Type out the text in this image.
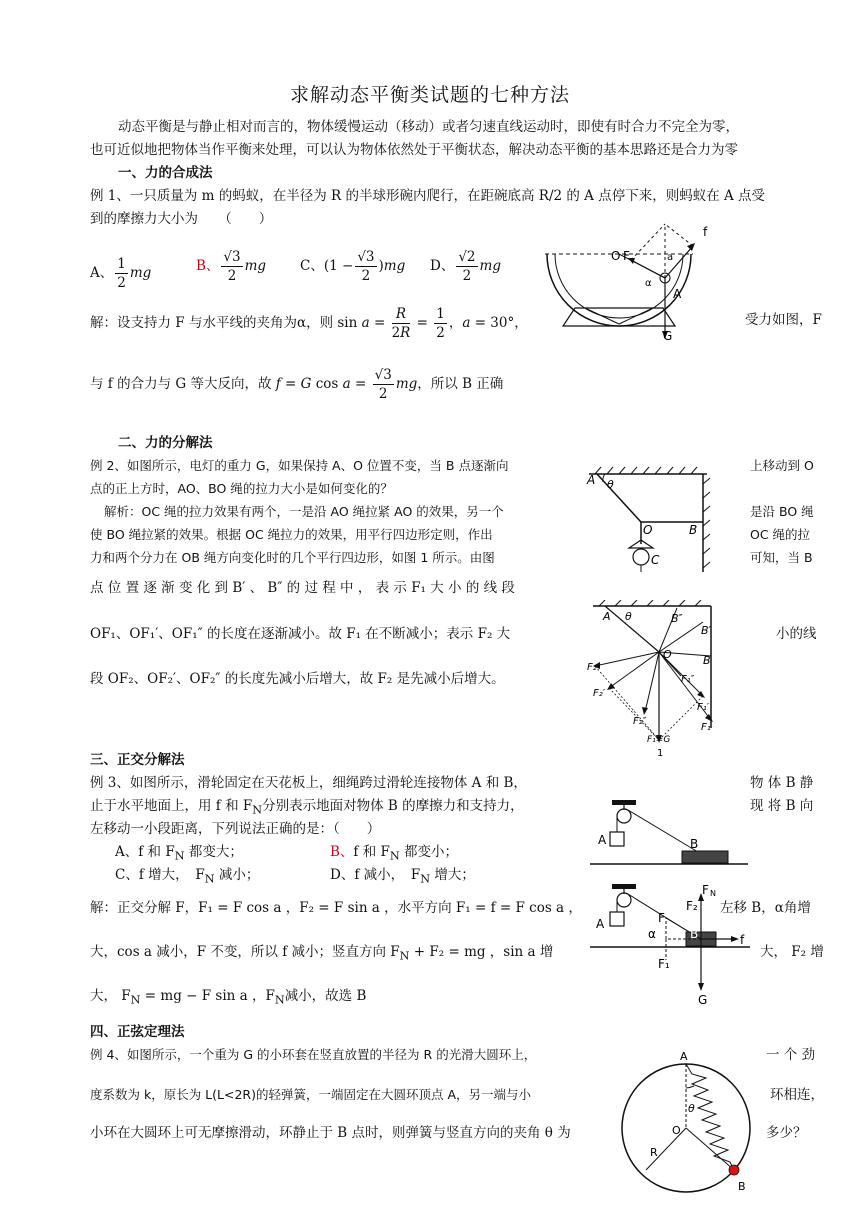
求解动态平衡类试题的七种方法
动态平衡是与静止相对而言的，物体缓慢运动（移动）或者匀速直线运动时，即使有时合力不完全为零，
也可近似地把物体当作平衡来处理，可以认为物体依然处于平衡状态，解决动态平衡的基本思路还是合力为零
一、力的合成法
例 1、一只质量为 m 的蚂蚁，在半径为 R 的半球形碗内爬行，在距碗底高 R/2 的 A 点停下来，则蚂蚁在 A 点受
到的摩擦力大小为　　（　　）
A、 $\frac{1}{2}$ mg	B、 $\frac{√3}{2}$ mg	C、$(1 - \frac{√3}{2} )mg$ D、 $\frac{√2}{2}$ mg
解：设支持力 F 与水平线的夹角为α，则 $\sin a = \frac{R}{2R} = \frac{1}{2}$ ，a = 30°，	受力如图，F
与 f 的合力与 G 等大反向，故 f = G $\cos a = \frac{√3}{2}$ mg，所以 B 正确
f
O F	a
α
A
G
二、力的分解法
例 2、如图所示，电灯的重力 G，如果保持 A、O 位置不变，当 B 点逐渐向	上移动到 O
点的正上方时，AO、BO 绳的拉力大小是如何变化的？
解析：OC 绳的拉力效果有两个，一是沿 AO 绳拉紧 AO 的效果，另一个	是沿 BO 绳
使 BO 绳拉紧的效果。根据 OC 绳拉力的效果，用平行四边形定则，作出	OC 绳的拉
力和两个分力在 OB 绳方向变化时的几个平行四边形，如图 1 所示。由图	可知，当 B
点 位 置 逐 渐 变 化 到 B′ 、 B″ 的 过 程 中 ， 表 示 F₁ 大 小 的 线 段
OF₁、OF₁′、OF₁″ 的长度在逐渐减小。故 F₁ 在不断减小；表示 F₂ 大	小的线
段 OF₂、OF₂′、OF₂″ 的长度先减小后增大，故 F₂ 是先减小后增大。
A θ
O	B
C
A θ	B″
B′
B
O
F₂
F₂′
F₂″
F₁″
F₁′
F₁
F₁=G
1
三、正交分解法
例 3、如图所示，滑轮固定在天花板上，细绳跨过滑轮连接物体 A 和 B，	物 体 B 静
止于水平地面上，用 f 和 $F_N$分别表示地面对物体 B 的摩擦力和支持力，	现 将 B 向
左移动一小段距离，下列说法正确的是：（　　）
A、f 和 $F_N$ 都变大；	B、f 和 $F_N$ 都变小；
C、f 增大，　$F_N$ 减小；	D、f 减小，　$F_N$ 增大；
解：正交分解 F，F₁ = F cos a ，F₂ = F sin a ，水平方向 F₁ = f = F cos a ，	左移 B，α角增
大，cos a 减小，F 不变，所以 f 减小；竖直方向 $F_N + F_2$ = mg ，sin a 增	大， F₂ 增
大， $F_N$ = mg − F sin a ，$F_N$减小，故选 B
A	B
F N
F₂
A	F
α	B	f
F₁
G
四、正弦定理法
例 4、如图所示，一个重为 G 的小环套在竖直放置的半径为 R 的光滑大圆环上，	一 个 劲
度系数为 k，原长为 L(L<2R)的轻弹簧，一端固定在大圆环顶点 A，另一端与小	环相连，
小环在大圆环上可无摩擦滑动，环静止于 B 点时，则弹簧与竖直方向的夹角 θ 为	多少？
A
θ
O
R
B
